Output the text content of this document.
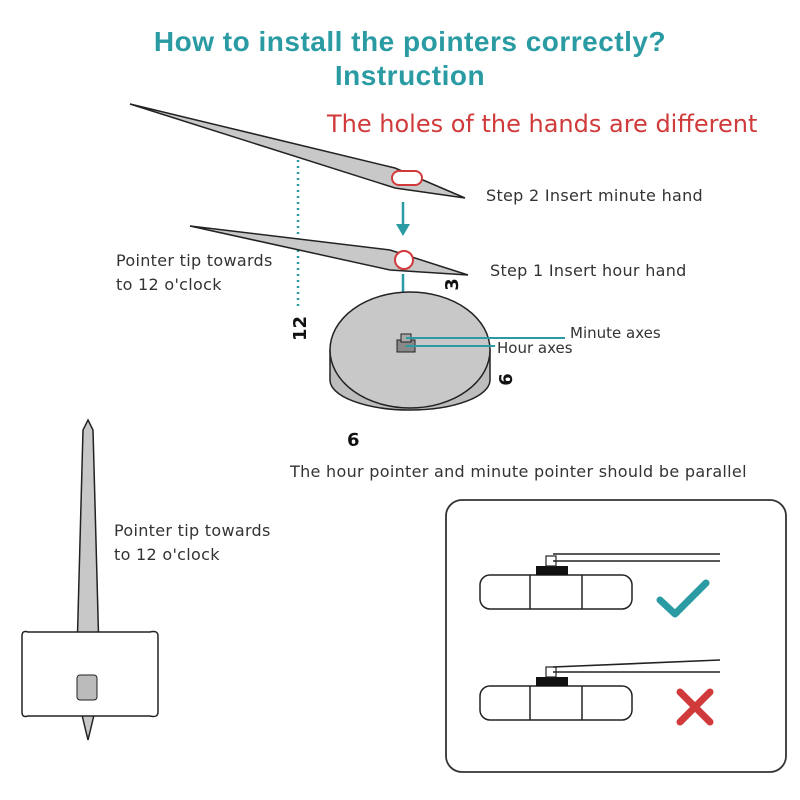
How to install the pointers correctly?
Instruction
The holes of the hands are different
12
3
6
9
Step 2 Insert minute hand
Step 1 Insert hour hand
Pointer tip towards
to 12 o'clock
Minute axes
Hour axes
The hour pointer and minute pointer should be parallel
Pointer tip towards
to 12 o'clock
